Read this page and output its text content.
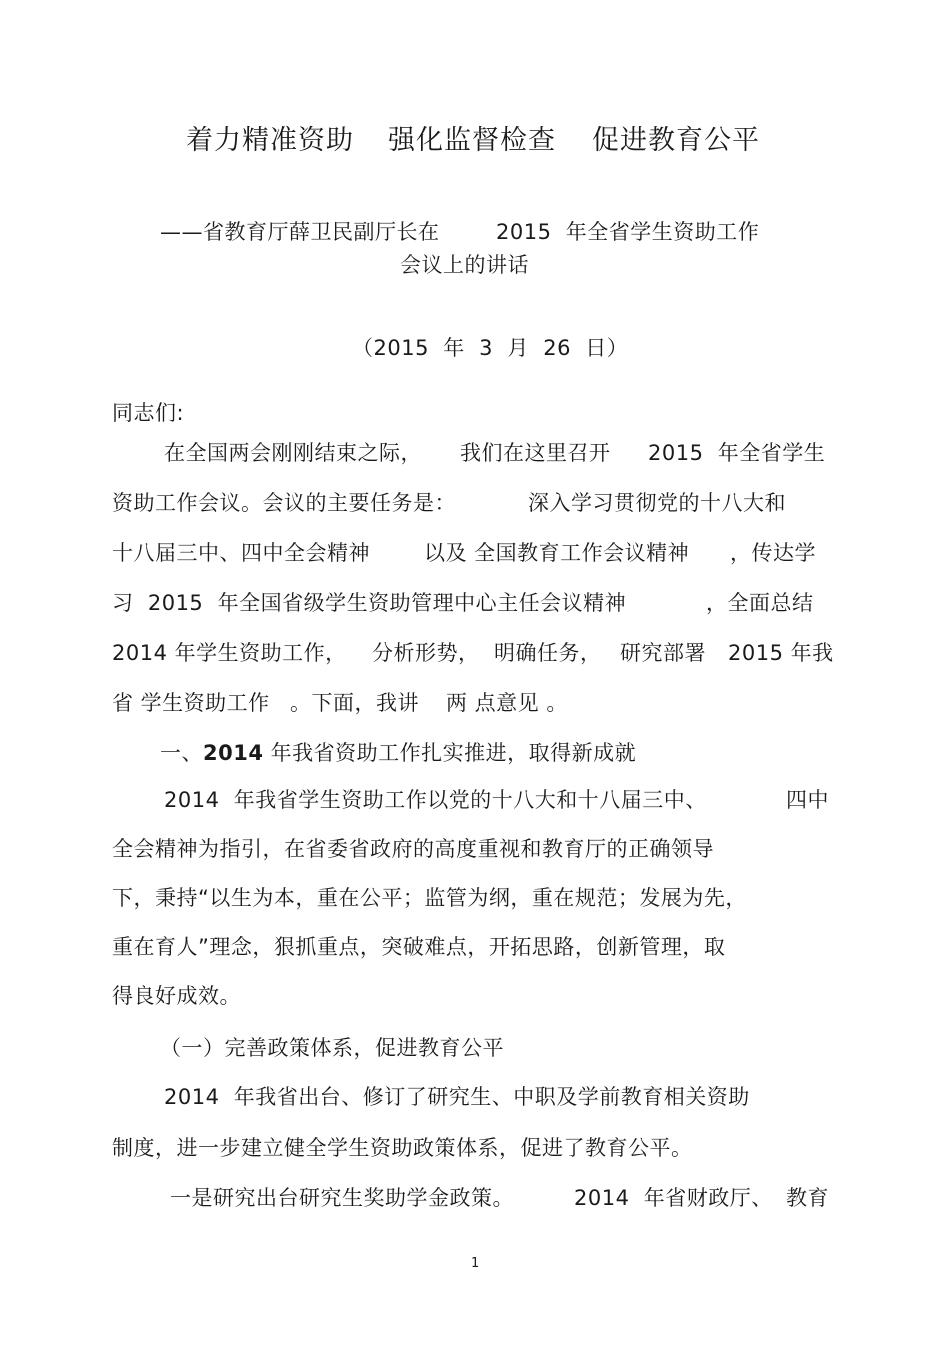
着力精准资助 强化监督检查 促进教育公平
——省教育厅薛卫民副厅长在	2015  年全省学生资助工作
会议上的讲话
（2015  年  3  月  26  日）
同志们:
在全国两会刚刚结束之际， 我们在这里召开 2015  年全省学生
资助工作会议。会议的主要任务是：	深入学习贯彻党的十八大和
十八届三中、四中全会精神	以及 全国教育工作会议精神 ，传达学
习  2015  年全国省级学生资助管理中心主任会议精神	，全面总结
2014 年学生资助工作， 分析形势， 明确任务， 研究部署 2015 年我
省 学生资助工作 。下面，我讲 两 点意见 。
一、2014 年我省资助工作扎实推进，取得新成就
2014  年我省学生资助工作以党的十八大和十八届三中、	四中
全会精神为指引，在省委省政府的高度重视和教育厅的正确领导
下，秉持“以生为本，重在公平；监管为纲，重在规范；发展为先，
重在育人”理念，狠抓重点，突破难点，开拓思路，创新管理，取
得良好成效。
（一）完善政策体系，促进教育公平
2014  年我省出台、修订了研究生、中职及学前教育相关资助
制度，进一步建立健全学生资助政策体系，促进了教育公平。
一是研究出台研究生奖助学金政策。	2014  年省财政厅、 教育
1
